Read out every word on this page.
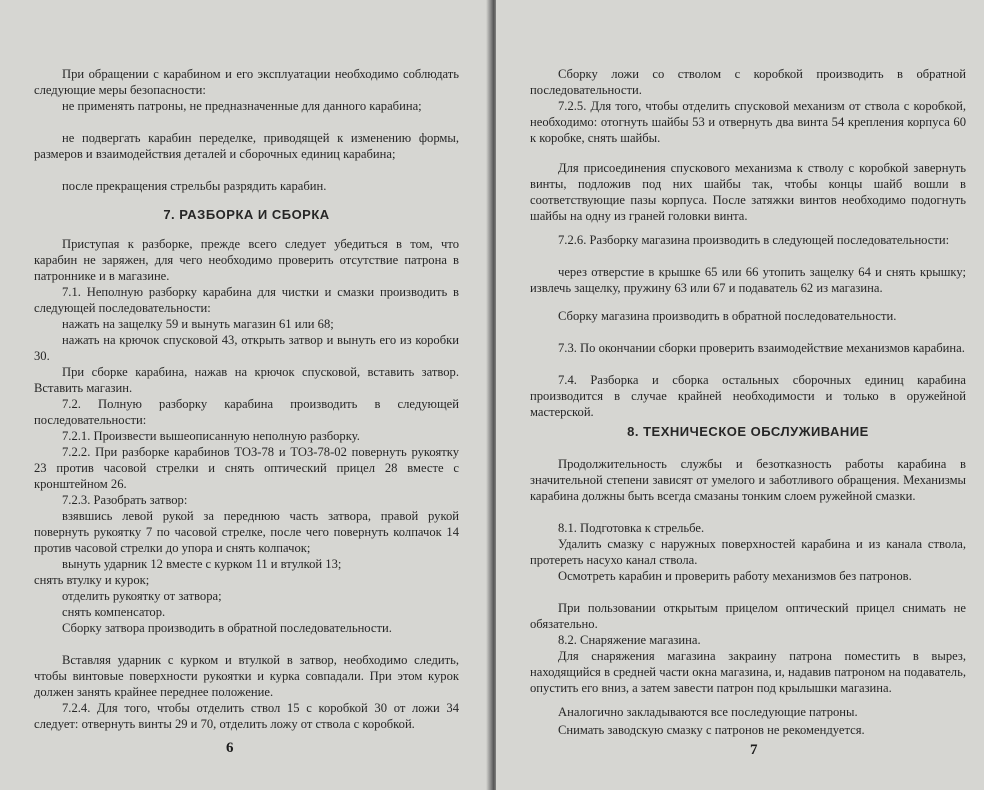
При обращении с карабином и его эксплуатации необходимо соблюдать следующие меры безопасности:

не применять патроны, не предназначенные для данного карабина;

не подвергать карабин переделке, приводящей к изменению формы, размеров и взаимодействия деталей и сборочных единиц карабина;

после прекращения стрельбы разрядить карабин.

7. РАЗБОРКА И СБОРКА

Приступая к разборке, прежде всего следует убедиться в том, что карабин не заряжен, для чего необходимо проверить отсутствие патрона в патроннике и в магазине.

7.1. Неполную разборку карабина для чистки и смазки производить в следующей последовательности:

нажать на защелку 59 и вынуть магазин 61 или 68;

нажать на крючок спусковой 43, открыть затвор и вынуть его из коробки 30.

При сборке карабина, нажав на крючок спусковой, вставить затвор. Вставить магазин.

7.2. Полную разборку карабина производить в следующей последовательности:

7.2.1. Произвести вышеописанную неполную разборку.

7.2.2. При разборке карабинов ТОЗ-78 и ТОЗ-78-02 повернуть рукоятку 23 против часовой стрелки и снять оптический прицел 28 вместе с кронштейном 26.

7.2.3. Разобрать затвор:

взявшись левой рукой за переднюю часть затвора, правой рукой повернуть рукоятку 7 по часовой стрелке, после чего повернуть колпачок 14 против часовой стрелки до упора и снять колпачок;

вынуть ударник 12 вместе с курком 11 и втулкой 13;

снять втулку и курок;

отделить рукоятку от затвора;

снять компенсатор.

Сборку затвора производить в обратной последовательности.

Вставляя ударник с курком и втулкой в затвор, необходимо следить, чтобы винтовые поверхности рукоятки и курка совпадали. При этом курок должен занять крайнее переднее положение.

7.2.4. Для того, чтобы отделить ствол 15 с коробкой 30 от ложи 34 следует: отвернуть винты 29 и 70, отделить ложу от ствола с коробкой.

6

Сборку ложи со стволом с коробкой производить в обратной последовательности.

7.2.5. Для того, чтобы отделить спусковой механизм от ствола с коробкой, необходимо: отогнуть шайбы 53 и отвернуть два винта 54 крепления корпуса 60 к коробке, снять шайбы.

Для присоединения спускового механизма к стволу с коробкой завернуть винты, подложив под них шайбы так, чтобы концы шайб вошли в соответствующие пазы корпуса. После затяжки винтов необходимо подогнуть шайбы на одну из граней головки винта.

7.2.6. Разборку магазина производить в следующей последовательности:

через отверстие в крышке 65 или 66 утопить защелку 64 и снять крышку; извлечь защелку, пружину 63 или 67 и подаватель 62 из магазина.

Сборку магазина производить в обратной последовательности.

7.3. По окончании сборки проверить взаимодействие механизмов карабина.

7.4. Разборка и сборка остальных сборочных единиц карабина производится в случае крайней необходимости и только в оружейной мастерской.

8. ТЕХНИЧЕСКОЕ ОБСЛУЖИВАНИЕ

Продолжительность службы и безотказность работы карабина в значительной степени зависят от умелого и заботливого обращения. Механизмы карабина должны быть всегда смазаны тонким слоем ружейной смазки.

8.1. Подготовка к стрельбе.

Удалить смазку с наружных поверхностей карабина и из канала ствола, протереть насухо канал ствола.

Осмотреть карабин и проверить работу механизмов без патронов.

При пользовании открытым прицелом оптический прицел снимать не обязательно.

8.2. Снаряжение магазина.

Для снаряжения магазина закраину патрона поместить в вырез, находящийся в средней части окна магазина, и, надавив патроном на подаватель, опустить его вниз, а затем завести патрон под крылышки магазина.

Аналогично закладываются все последующие патроны.

Снимать заводскую смазку с патронов не рекомендуется.

7
